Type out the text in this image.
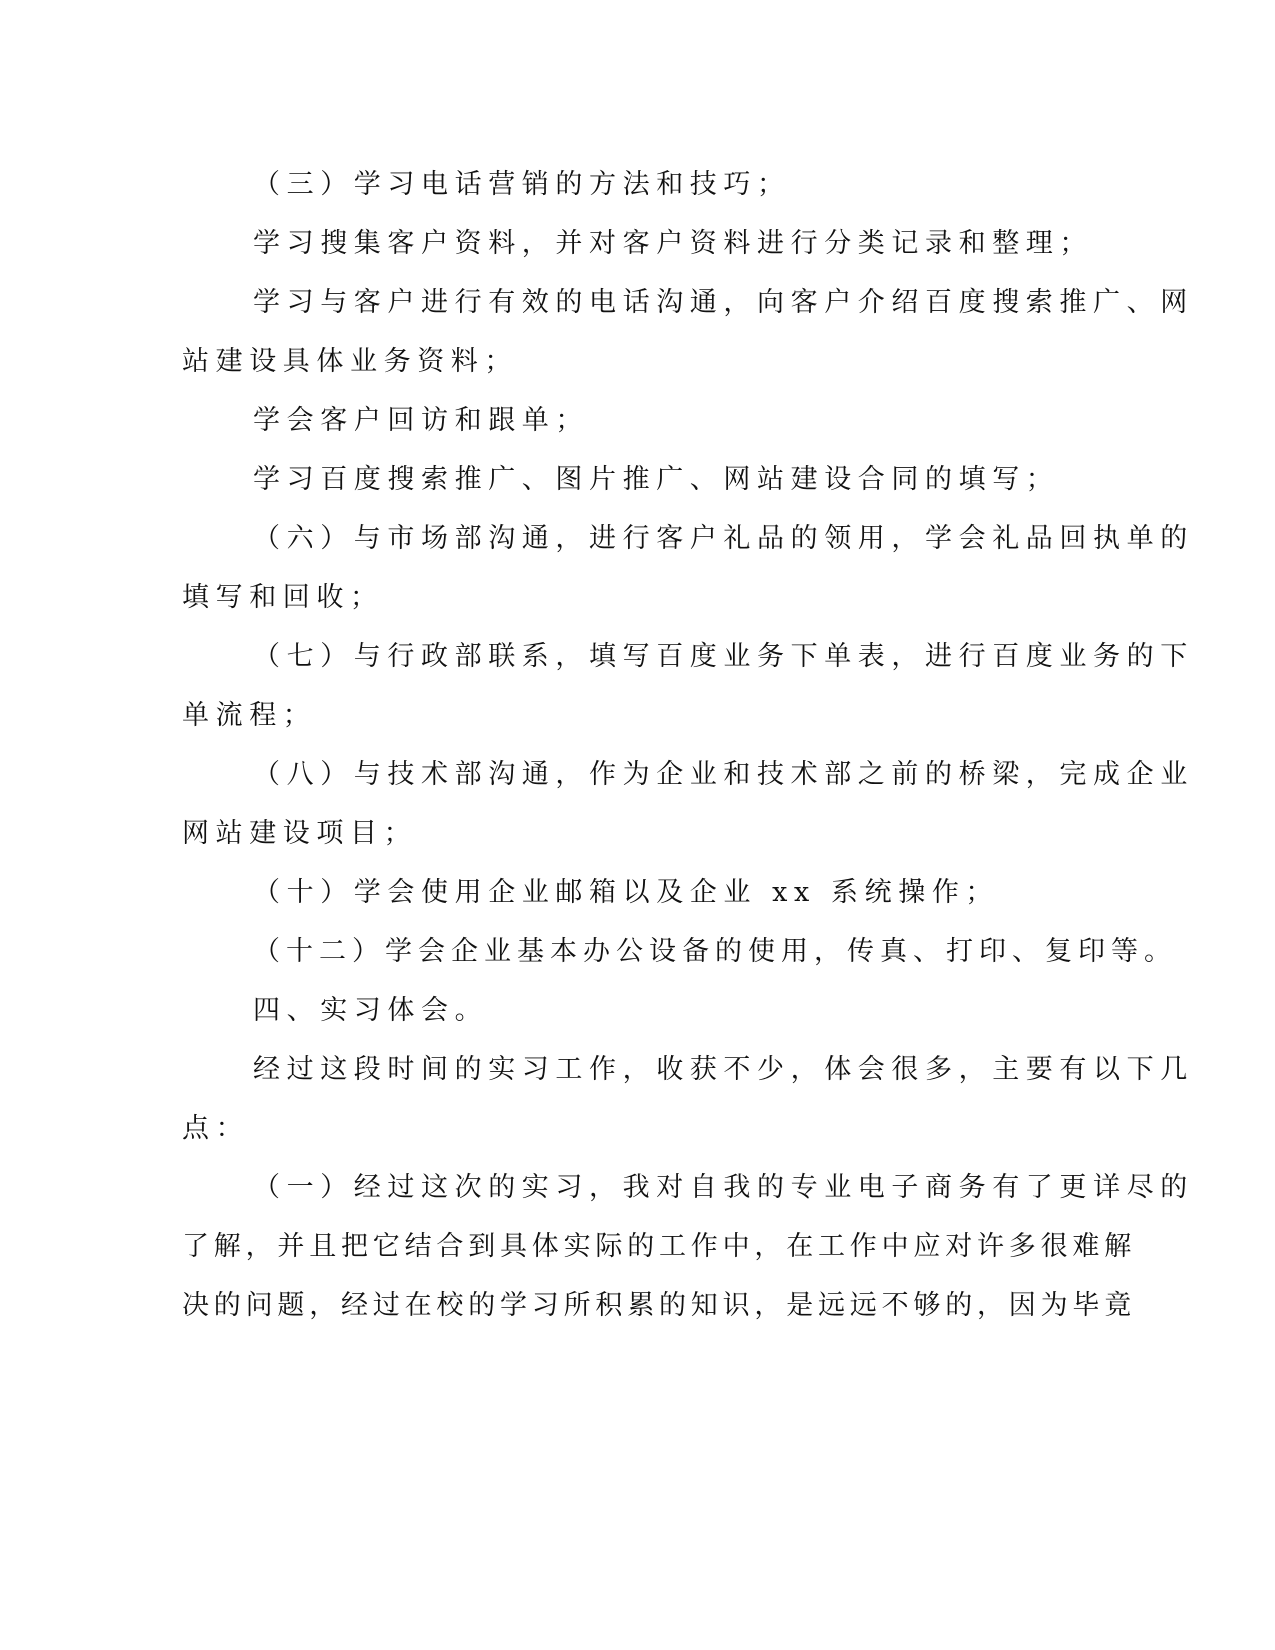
（三）学习电话营销的方法和技巧；
学习搜集客户资料，并对客户资料进行分类记录和整理；
学习与客户进行有效的电话沟通，向客户介绍百度搜索推广、网
站建设具体业务资料；
学会客户回访和跟单；
学习百度搜索推广、图片推广、网站建设合同的填写；
（六）与市场部沟通，进行客户礼品的领用，学会礼品回执单的
填写和回收；
（七）与行政部联系，填写百度业务下单表，进行百度业务的下
单流程；
（八）与技术部沟通，作为企业和技术部之前的桥梁，完成企业
网站建设项目；
（十）学会使用企业邮箱以及企业 xx 系统操作；
（十二）学会企业基本办公设备的使用，传真、打印、复印等。
四、实习体会。
经过这段时间的实习工作，收获不少，体会很多，主要有以下几
点：
（一）经过这次的实习，我对自我的专业电子商务有了更详尽的
了解，并且把它结合到具体实际的工作中，在工作中应对许多很难解
决的问题，经过在校的学习所积累的知识，是远远不够的，因为毕竟
